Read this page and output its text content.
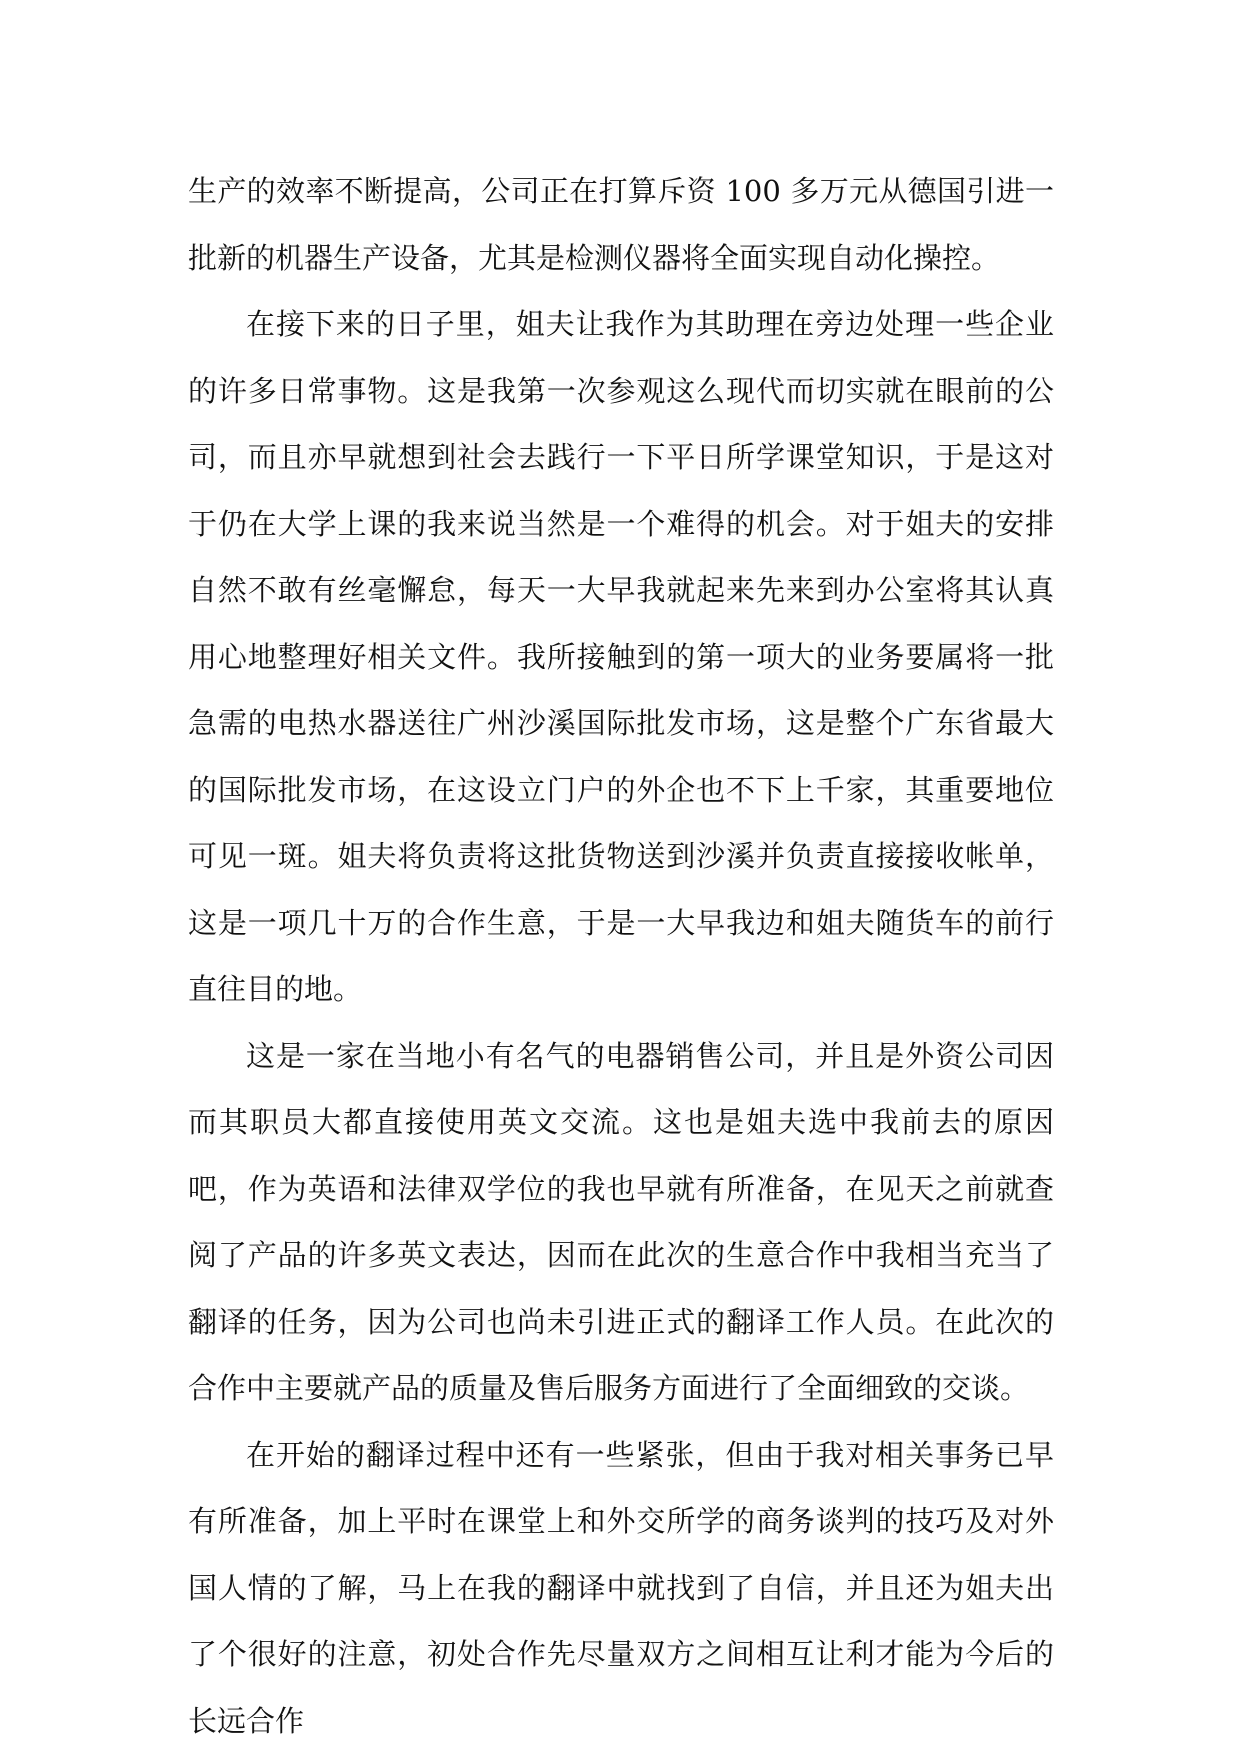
生产的效率不断提高，公司正在打算斥资 100 多万元从德国引进一批新的机器生产设备，尤其是检测仪器将全面实现自动化操控。

在接下来的日子里，姐夫让我作为其助理在旁边处理一些企业的许多日常事物。这是我第一次参观这么现代而切实就在眼前的公司，而且亦早就想到社会去践行一下平日所学课堂知识，于是这对于仍在大学上课的我来说当然是一个难得的机会。对于姐夫的安排自然不敢有丝毫懈怠，每天一大早我就起来先来到办公室将其认真用心地整理好相关文件。我所接触到的第一项大的业务要属将一批急需的电热水器送往广州沙溪国际批发市场，这是整个广东省最大的国际批发市场，在这设立门户的外企也不下上千家，其重要地位可见一斑。姐夫将负责将这批货物送到沙溪并负责直接接收帐单，这是一项几十万的合作生意，于是一大早我边和姐夫随货车的前行直往目的地。

这是一家在当地小有名气的电器销售公司，并且是外资公司因而其职员大都直接使用英文交流。这也是姐夫选中我前去的原因吧，作为英语和法律双学位的我也早就有所准备，在见天之前就查阅了产品的许多英文表达，因而在此次的生意合作中我相当充当了翻译的任务，因为公司也尚未引进正式的翻译工作人员。在此次的合作中主要就产品的质量及售后服务方面进行了全面细致的交谈。

在开始的翻译过程中还有一些紧张，但由于我对相关事务已早有所准备，加上平时在课堂上和外交所学的商务谈判的技巧及对外国人情的了解，马上在我的翻译中就找到了自信，并且还为姐夫出了个很好的注意，初处合作先尽量双方之间相互让利才能为今后的长远合作
